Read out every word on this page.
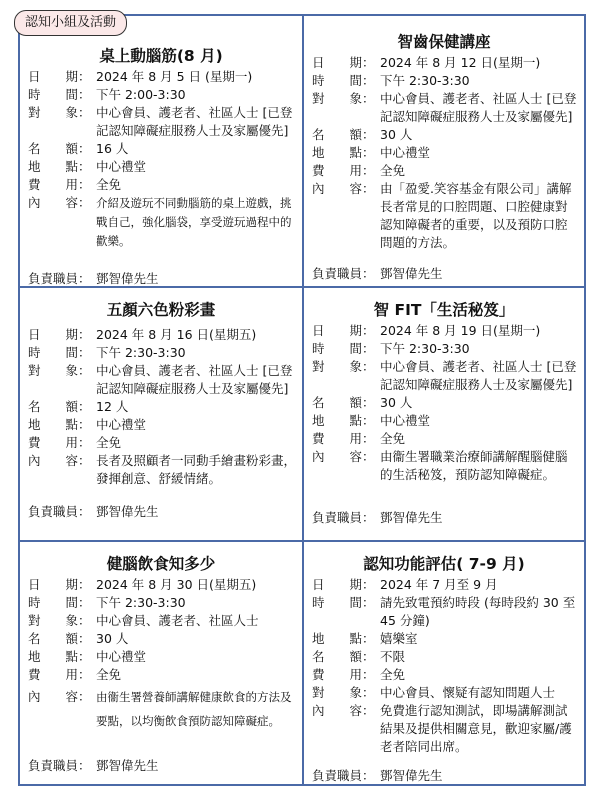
認知小組及活動
桌上動腦筋(8 月)
日　　期： 2024 年 8 月 5 日 (星期一)
時　　間： 下午 2:00-3:30
對　　象： 中心會員、護老者、社區人士 [已登記認知障礙症服務人士及家屬優先]
名　　額： 16 人
地　　點： 中心禮堂
費　　用： 全免
內　　容： 介紹及遊玩不同動腦筋的桌上遊戲，挑戰自己，強化腦袋，享受遊玩過程中的歡樂。
負責職員： 鄧智偉先生
智齒保健講座
日　　期： 2024 年 8 月 12 日(星期一)
時　　間： 下午 2:30-3:30
對　　象： 中心會員、護老者、社區人士 [已登記認知障礙症服務人士及家屬優先]
名　　額： 30 人
地　　點： 中心禮堂
費　　用： 全免
內　　容： 由「盈愛.笑容基金有限公司」講解長者常見的口腔問題、口腔健康對認知障礙者的重要，以及預防口腔問題的方法。
負責職員： 鄧智偉先生
五顏六色粉彩畫
日　　期： 2024 年 8 月 16 日(星期五)
時　　間： 下午 2:30-3:30
對　　象： 中心會員、護老者、社區人士 [已登記認知障礙症服務人士及家屬優先]
名　　額： 12 人
地　　點： 中心禮堂
費　　用： 全免
內　　容： 長者及照顧者一同動手繪畫粉彩畫，發揮創意、舒緩情緒。
負責職員： 鄧智偉先生
智 FIT「生活秘笈」
日　　期： 2024 年 8 月 19 日(星期一)
時　　間： 下午 2:30-3:30
對　　象： 中心會員、護老者、社區人士 [已登記認知障礙症服務人士及家屬優先]
名　　額： 30 人
地　　點： 中心禮堂
費　　用： 全免
內　　容： 由衞生署職業治療師講解醒腦健腦的生活秘笈，預防認知障礙症。
負責職員： 鄧智偉先生
健腦飲食知多少
日　　期： 2024 年 8 月 30 日(星期五)
時　　間： 下午 2:30-3:30
對　　象： 中心會員、護老者、社區人士
名　　額： 30 人
地　　點： 中心禮堂
費　　用： 全免
內　　容： 由衞生署營養師講解健康飲食的方法及要點，以均衡飲食預防認知障礙症。
負責職員： 鄧智偉先生
認知功能評估( 7-9 月)
日　　期： 2024 年 7 月至 9 月
時　　間： 請先致電預約時段 (每時段約 30 至 45 分鐘)
地　　點： 嬉樂室
名　　額： 不限
費　　用： 全免
對　　象： 中心會員、懷疑有認知問題人士
內　　容： 免費進行認知測試，即場講解測試結果及提供相關意見，歡迎家屬/護老者陪同出席。
負責職員： 鄧智偉先生
